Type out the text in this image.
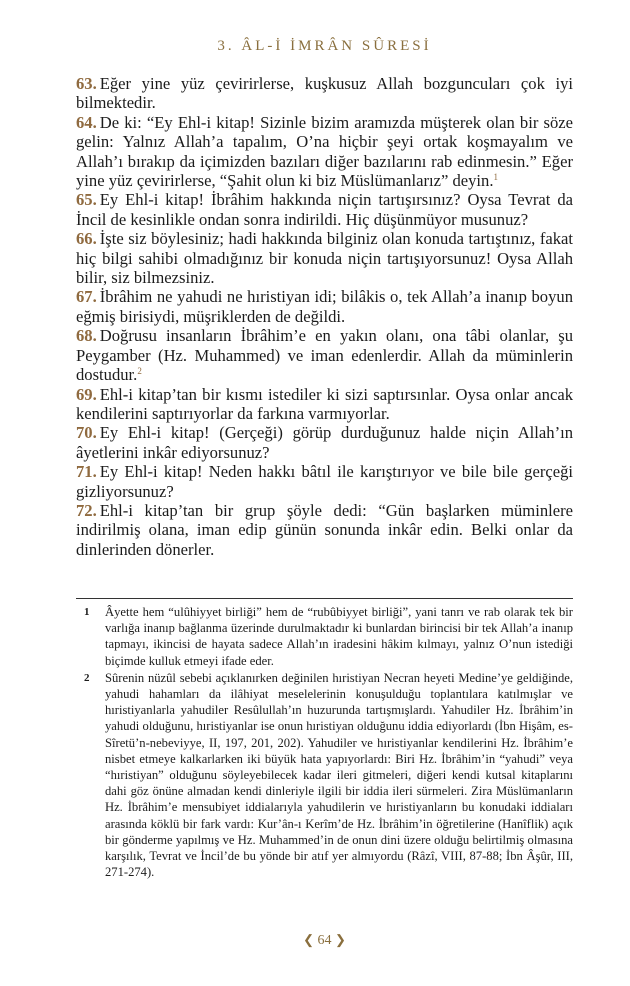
3. ÂL-İ İMRÂN SÛRESİ

63. Eğer yine yüz çevirirlerse, kuşkusuz Allah bozguncuları çok iyi bilmektedir.

64. De ki: “Ey Ehl-i kitap! Sizinle bizim aramızda müşterek olan bir söze gelin: Yalnız Allah’a tapalım, O’na hiçbir şeyi ortak koşmayalım ve Allah’ı bırakıp da içimizden bazıları diğer bazılarını rab edinmesin.” Eğer yine yüz çevirirlerse, “Şahit olun ki biz Müslümanlarız” deyin.$^1$

65. Ey Ehl-i kitap! İbrâhim hakkında niçin tartışırsınız? Oysa Tevrat da İncil de kesinlikle ondan sonra indirildi. Hiç düşünmüyor musunuz?

66. İşte siz böylesiniz; hadi hakkında bilginiz olan konuda tartıştınız, fakat hiç bilgi sahibi olmadığınız bir konuda niçin tartışıyorsunuz! Oysa Allah bilir, siz bilmezsiniz.

67. İbrâhim ne yahudi ne hıristiyan idi; bilâkis o, tek Allah’a inanıp boyun eğmiş birisiydi, müşriklerden de değildi.

68. Doğrusu insanların İbrâhim’e en yakın olanı, ona tâbi olanlar, şu Peygamber (Hz. Muhammed) ve iman edenlerdir. Allah da müminlerin dostudur.$^2$

69. Ehl-i kitap’tan bir kısmı istediler ki sizi saptırsınlar. Oysa onlar ancak kendilerini saptırıyorlar da farkına varmıyorlar.

70. Ey Ehl-i kitap! (Gerçeği) görüp durduğunuz halde niçin Allah’ın âyetlerini inkâr ediyorsunuz?

71. Ey Ehl-i kitap! Neden hakkı bâtıl ile karıştırıyor ve bile bile gerçeği gizliyorsunuz?

72. Ehl-i kitap’tan bir grup şöyle dedi: “Gün başlarken müminlere indirilmiş olana, iman edip günün sonunda inkâr edin. Belki onlar da dinlerinden dönerler.

1 Âyette hem “ulûhiyyet birliği” hem de “rubûbiyyet birliği”, yani tanrı ve rab olarak tek bir varlığa inanıp bağlanma üzerinde durulmaktadır ki bunlardan birincisi bir tek Allah’a inanıp tapmayı, ikincisi de hayata sadece Allah’ın iradesini hâkim kılmayı, yalnız O’nun istediği biçimde kulluk etmeyi ifade eder.
2 Sûrenin nüzûl sebebi açıklanırken değinilen hıristiyan Necran heyeti Medine’ye geldiğinde, yahudi hahamları da ilâhiyat meselelerinin konuşulduğu toplantılara katılmışlar ve hıristiyanlarla yahudiler Resûlullah’ın huzurunda tartışmışlardı. Yahudiler Hz. İbrâhim’in yahudi olduğunu, hıristiyanlar ise onun hıristiyan olduğunu iddia ediyorlardı (İbn Hişâm, es-Sîretü’n-nebeviyye, II, 197, 201, 202). Yahudiler ve hıristiyanlar kendilerini Hz. İbrâhim’e nisbet etmeye kalkarlarken iki büyük hata yapıyorlardı: Biri Hz. İbrâhim’in “yahudi” veya “hıristiyan” olduğunu söyleyebilecek kadar ileri gitmeleri, diğeri kendi kutsal kitaplarını dahi göz önüne almadan kendi dinleriyle ilgili bir iddia ileri sürmeleri. Zira Müslümanların Hz. İbrâhim’e mensubiyet iddialarıyla yahudilerin ve hıristiyanların bu konudaki iddiaları arasında köklü bir fark vardı: Kur’ân-ı Kerîm’de Hz. İbrâhim’in öğretilerine (Hanîflik) açık bir gönderme yapılmış ve Hz. Muhammed’in de onun dini üzere olduğu belirtilmiş olmasına karşılık, Tevrat ve İncil’de bu yönde bir atıf yer almıyordu (Râzî, VIII, 87-88; İbn Âşûr, III, 271-274).
❮ 64 ❯
